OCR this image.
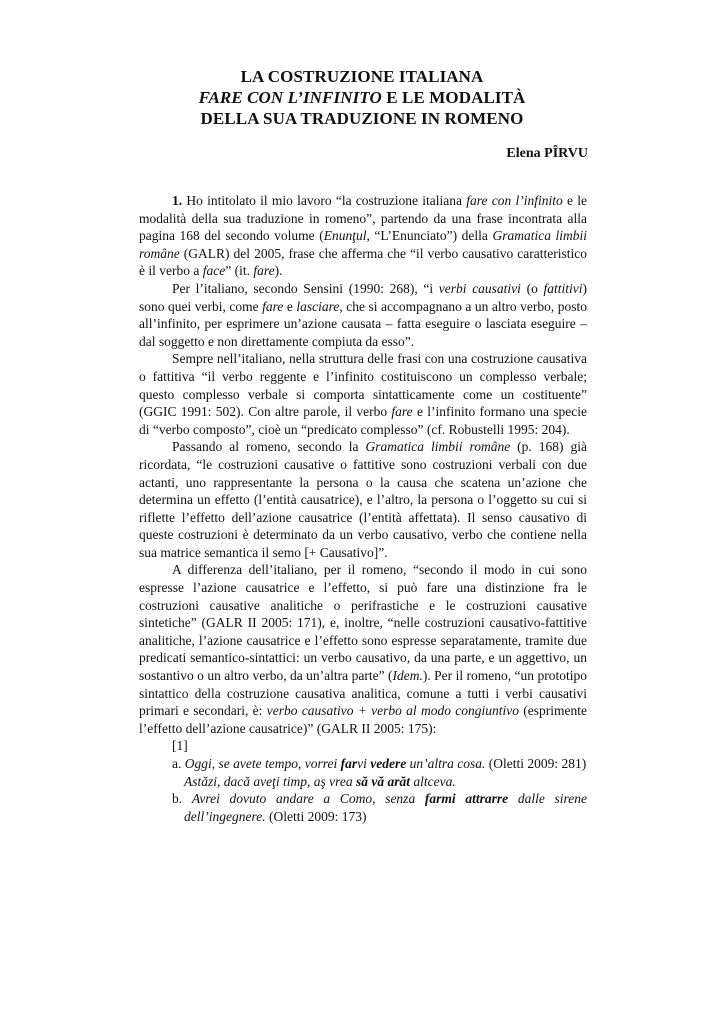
LA COSTRUZIONE ITALIANA
FARE CON L’INFINITO E LE MODALITÀ
DELLA SUA TRADUZIONE IN ROMENO
Elena PÎRVU

1. Ho intitolato il mio lavoro “la costruzione italiana fare con l’infinito e le modalità della sua traduzione in romeno”, partendo da una frase incontrata alla pagina 168 del secondo volume (Enunţul, “L’Enunciato”) della Gramatica limbii române (GALR) del 2005, frase che afferma che “il verbo causativo caratteristico è il verbo a face” (it. fare).

Per l’italiano, secondo Sensini (1990: 268), “i verbi causativi (o fattitivi) sono quei verbi, come fare e lasciare, che si accompagnano a un altro verbo, posto all’infinito, per esprimere un’azione causata – fatta eseguire o lasciata eseguire – dal soggetto e non direttamente compiuta da esso”.

Sempre nell’italiano, nella struttura delle frasi con una costruzione causativa o fattitiva “il verbo reggente e l’infinito costituiscono un complesso verbale; questo complesso verbale si comporta sintatticamente come un costituente” (GGIC 1991: 502). Con altre parole, il verbo fare e l’infinito formano una specie di “verbo composto”, cioè un “predicato complesso” (cf. Robustelli 1995: 204).

Passando al romeno, secondo la Gramatica limbii române (p. 168) già ricordata, “le costruzioni causative o fattitive sono costruzioni verbali con due actanti, uno rappresentante la persona o la causa che scatena un’azione che determina un effetto (l’entità causatrice), e l’altro, la persona o l’oggetto su cui si riflette l’effetto dell’azione causatrice (l’entità affettata). Il senso causativo di queste costruzioni è determinato da un verbo causativo, verbo che contiene nella sua matrice semantica il semo [+ Causativo]”.

A differenza dell’italiano, per il romeno, “secondo il modo in cui sono espresse l’azione causatrice e l’effetto, si può fare una distinzione fra le costruzioni causative analitiche o perifrastiche e le costruzioni causative sintetiche” (GALR II 2005: 171), e, inoltre, “nelle costruzioni causativo-fattitive analitiche, l’azione causatrice e l’effetto sono espresse separatamente, tramite due predicati semantico-sintattici: un verbo causativo, da una parte, e un aggettivo, un sostantivo o un altro verbo, da un’altra parte” (Idem.). Per il romeno, “un prototipo sintattico della costruzione causativa analitica, comune a tutti i verbi causativi primari e secondari, è: verbo causativo + verbo al modo congiuntivo (esprimente l’effetto dell’azione causatrice)” (GALR II 2005: 175):

[1]
a. Oggi, se avete tempo, vorrei farvi vedere un’altra cosa. (Oletti 2009: 281)
Astăzi, dacă aveţi timp, aş vrea să vă arăt altceva.
b. Avrei dovuto andare a Como, senza farmi attrarre dalle sirene dell’ingegnere. (Oletti 2009: 173)
